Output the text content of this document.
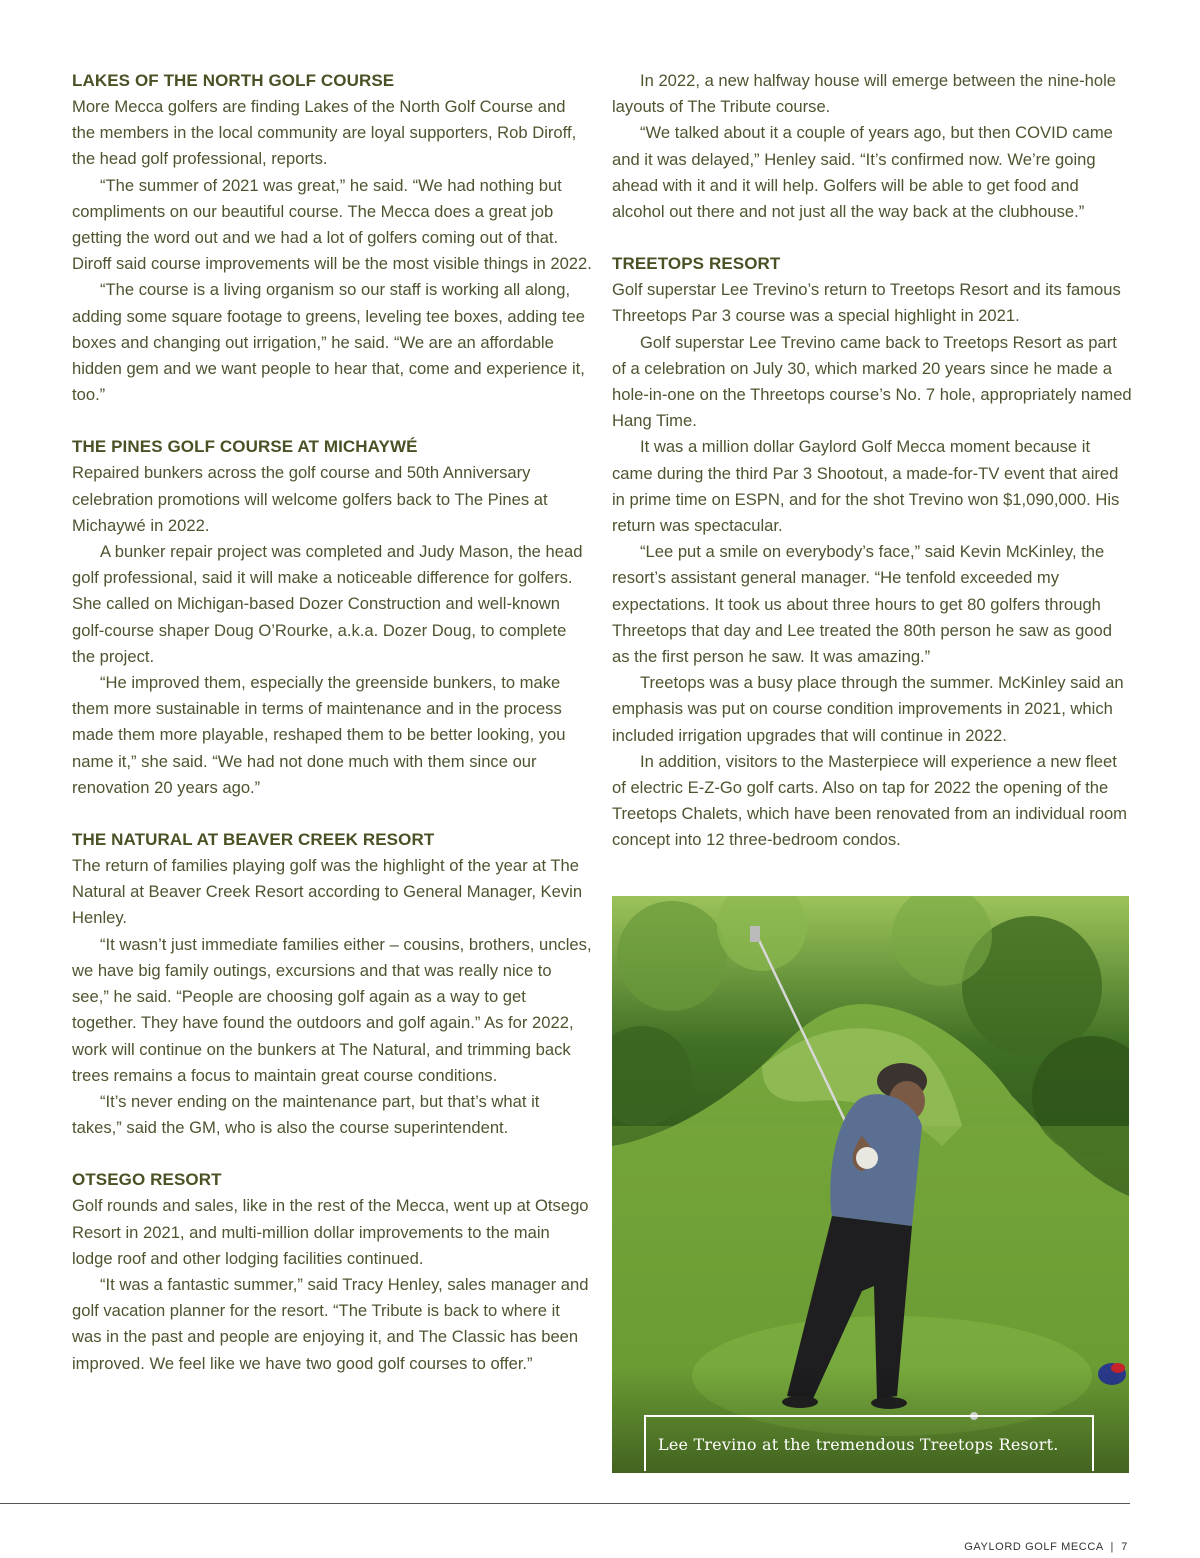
LAKES OF THE NORTH GOLF COURSE

More Mecca golfers are finding Lakes of the North Golf Course and the members in the local community are loyal supporters, Rob Diroff, the head golf professional, reports.

“The summer of 2021 was great,” he said. “We had nothing but compliments on our beautiful course. The Mecca does a great job getting the word out and we had a lot of golfers coming out of that. Diroff said course improvements will be the most visible things in 2022.

“The course is a living organism so our staff is working all along, adding some square footage to greens, leveling tee boxes, adding tee boxes and changing out irrigation,” he said. “We are an affordable hidden gem and we want people to hear that, come and experience it, too.”

THE PINES GOLF COURSE AT MICHAYWÉ

Repaired bunkers across the golf course and 50th Anniversary celebration promotions will welcome golfers back to The Pines at Michaywé in 2022.

A bunker repair project was completed and Judy Mason, the head golf professional, said it will make a noticeable difference for golfers. She called on Michigan-based Dozer Construction and well-known golf-course shaper Doug O’Rourke, a.k.a. Dozer Doug, to complete the project.

“He improved them, especially the greenside bunkers, to make them more sustainable in terms of maintenance and in the process made them more playable, reshaped them to be better looking, you name it,” she said. “We had not done much with them since our renovation 20 years ago.”

THE NATURAL AT BEAVER CREEK RESORT

The return of families playing golf was the highlight of the year at The Natural at Beaver Creek Resort according to General Manager, Kevin Henley.

“It wasn’t just immediate families either – cousins, brothers, uncles, we have big family outings, excursions and that was really nice to see,” he said. “People are choosing golf again as a way to get together. They have found the outdoors and golf again.” As for 2022, work will continue on the bunkers at The Natural, and trimming back trees remains a focus to maintain great course conditions.

“It’s never ending on the maintenance part, but that’s what it takes,” said the GM, who is also the course superintendent.

OTSEGO RESORT

Golf rounds and sales, like in the rest of the Mecca, went up at Otsego Resort in 2021, and multi-million dollar improvements to the main lodge roof and other lodging facilities continued.

“It was a fantastic summer,” said Tracy Henley, sales manager and golf vacation planner for the resort. “The Tribute is back to where it was in the past and people are enjoying it, and The Classic has been improved. We feel like we have two good golf courses to offer.”

In 2022, a new halfway house will emerge between the nine-hole layouts of The Tribute course.

“We talked about it a couple of years ago, but then COVID came and it was delayed,” Henley said. “It’s confirmed now. We’re going ahead with it and it will help. Golfers will be able to get food and alcohol out there and not just all the way back at the clubhouse.”

TREETOPS RESORT

Golf superstar Lee Trevino’s return to Treetops Resort and its famous Threetops Par 3 course was a special highlight in 2021.

Golf superstar Lee Trevino came back to Treetops Resort as part of a celebration on July 30, which marked 20 years since he made a hole-in-one on the Threetops course’s No. 7 hole, appropriately named Hang Time.

It was a million dollar Gaylord Golf Mecca moment because it came during the third Par 3 Shootout, a made-for-TV event that aired in prime time on ESPN, and for the shot Trevino won $1,090,000. His return was spectacular.

“Lee put a smile on everybody’s face,” said Kevin McKinley, the resort’s assistant general manager. “He tenfold exceeded my expectations. It took us about three hours to get 80 golfers through Threetops that day and Lee treated the 80th person he saw as good as the first person he saw. It was amazing.”

Treetops was a busy place through the summer. McKinley said an emphasis was put on course condition improvements in 2021, which included irrigation upgrades that will continue in 2022.

In addition, visitors to the Masterpiece will experience a new fleet of electric E-Z-Go golf carts. Also on tap for 2022 the opening of the Treetops Chalets, which have been renovated from an individual room concept into 12 three-bedroom condos.

Lee Trevino at the tremendous Treetops Resort.
GAYLORD GOLF MECCA  |  7
